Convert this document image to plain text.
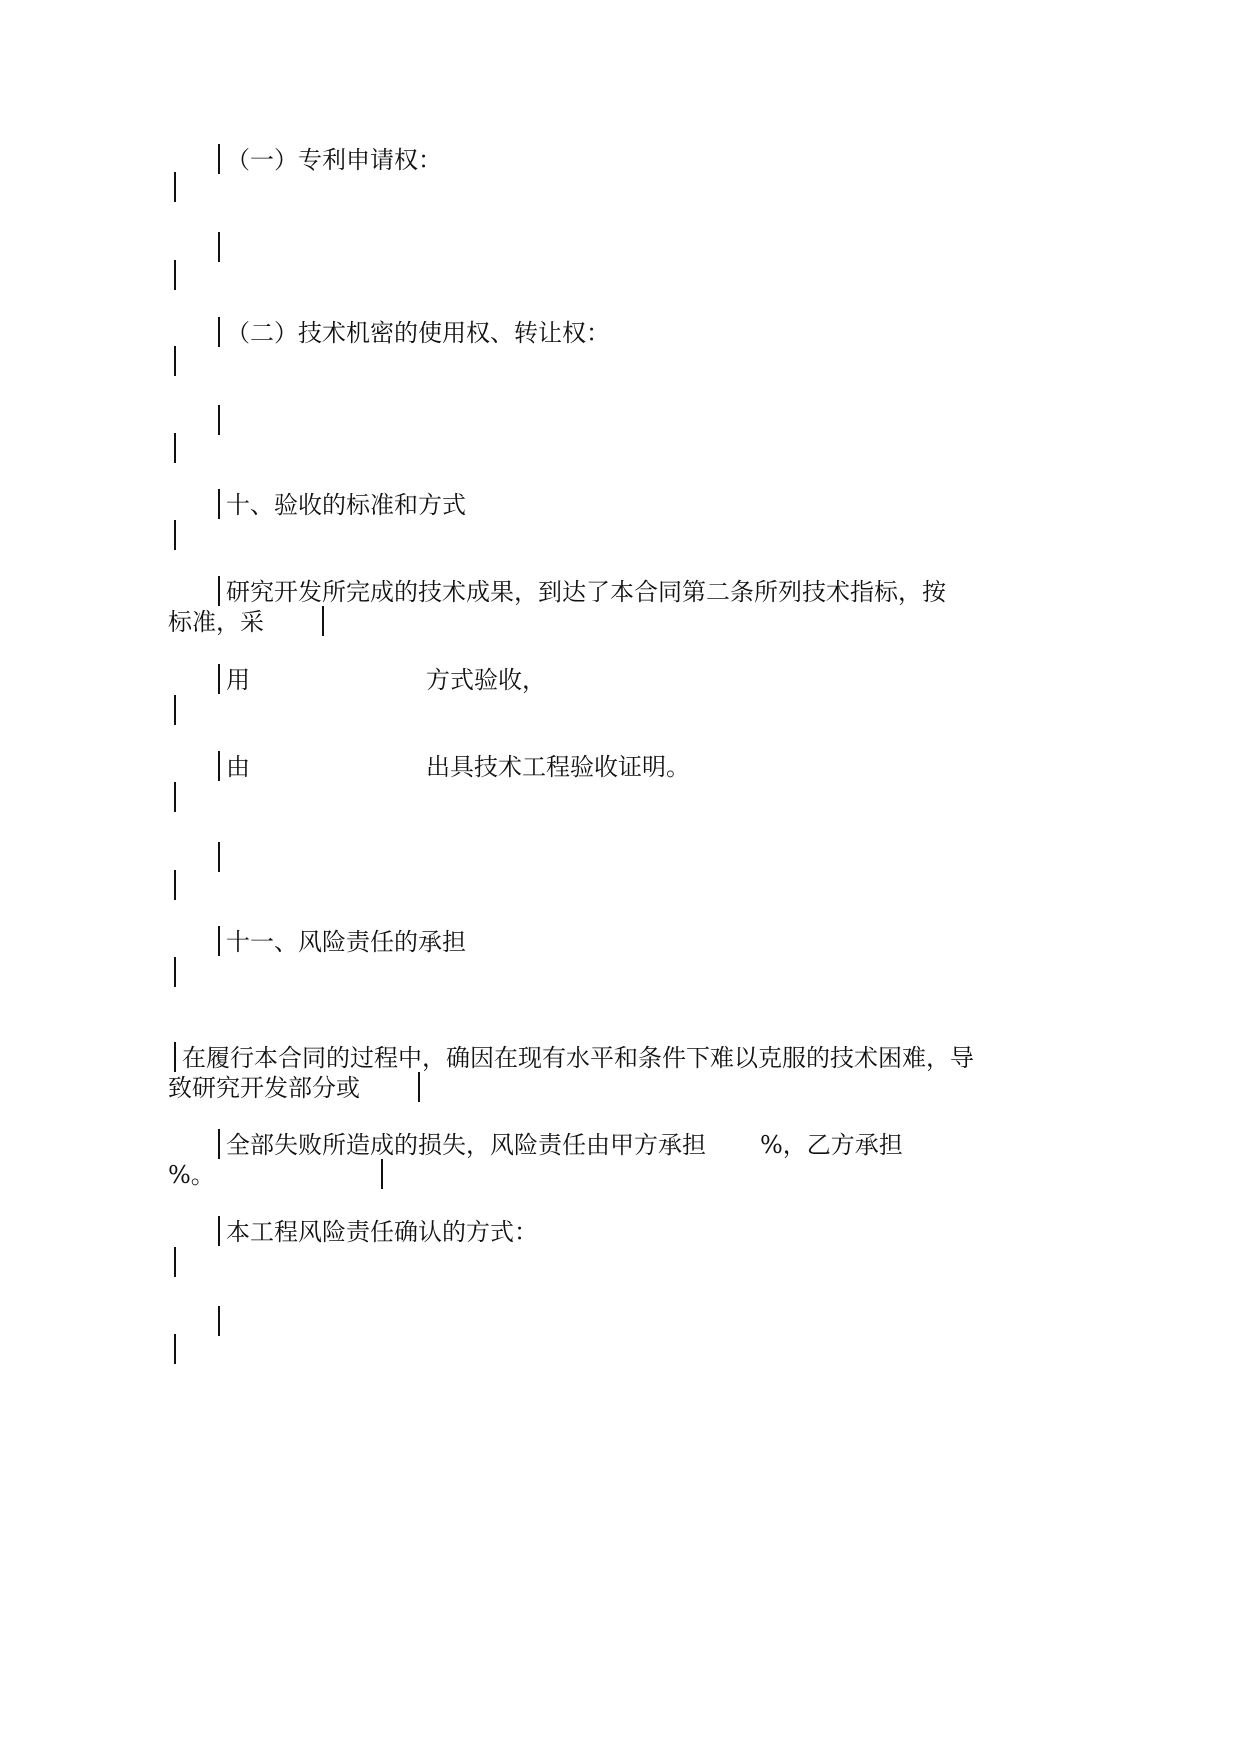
（一）专利申请权：
（二）技术机密的使用权、转让权：
十、验收的标准和方式
研究开发所完成的技术成果，到达了本合同第二条所列技术指标，按
标准，采
用	方式验收，
由	出具技术工程验收证明。
十一、风险责任的承担
在履行本合同的过程中，确因在现有水平和条件下难以克服的技术困难，导
致研究开发部分或
全部失败所造成的损失，风险责任由甲方承担 %，乙方承担
%。
本工程风险责任确认的方式：
